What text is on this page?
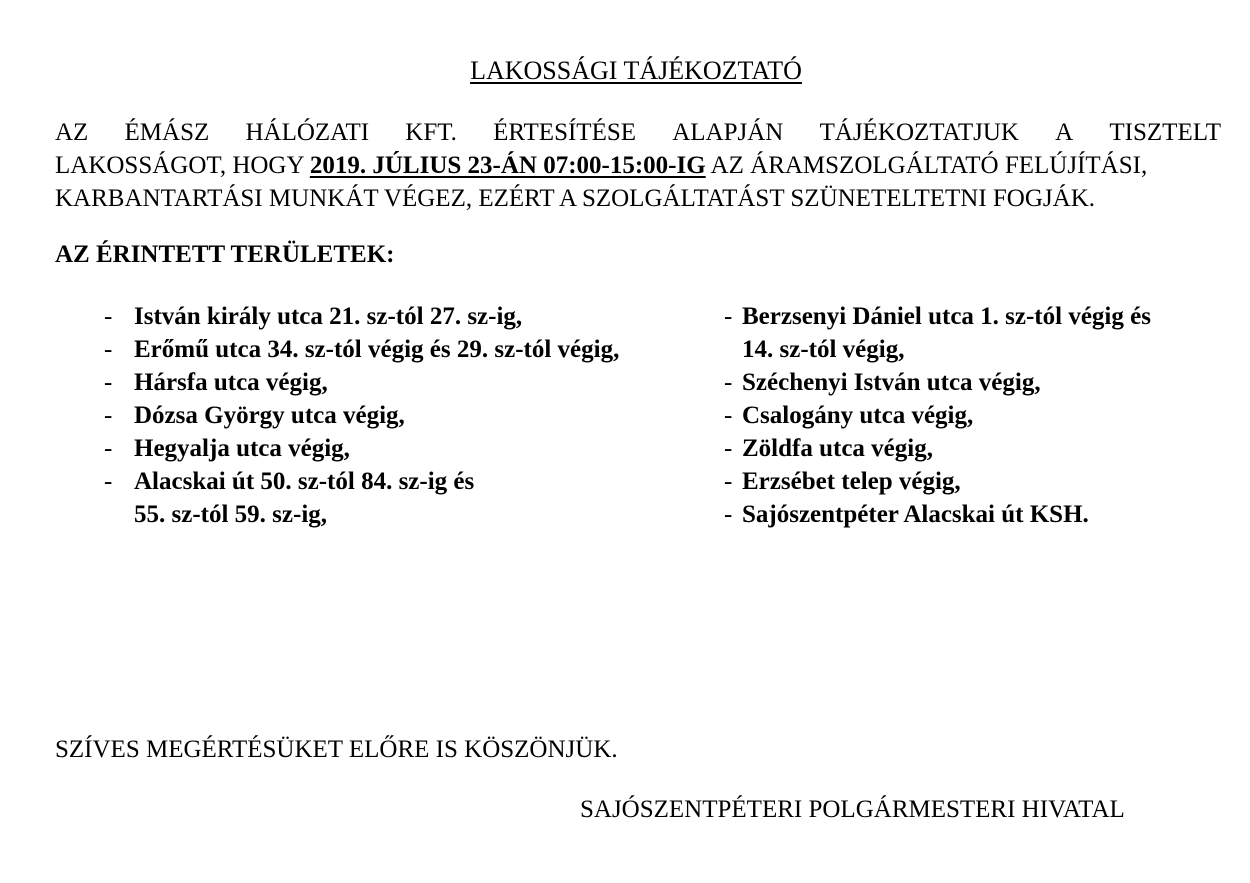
LAKOSSÁGI TÁJÉKOZTATÓ

AZ ÉMÁSZ HÁLÓZATI KFT. ÉRTESÍTÉSE ALAPJÁN TÁJÉKOZTATJUK A TISZTELT
LAKOSSÁGOT, HOGY 2019. JÚLIUS 23-ÁN 07:00-15:00-IG AZ ÁRAMSZOLGÁLTATÓ FELÚJÍTÁSI,
KARBANTARTÁSI MUNKÁT VÉGEZ, EZÉRT A SZOLGÁLTATÁST SZÜNETELTETNI FOGJÁK.

AZ ÉRINTETT TERÜLETEK:
- István király utca 21. sz-tól 27. sz-ig,
- Erőmű utca 34. sz-tól végig és 29. sz-tól végig,
- Hársfa utca végig,
- Dózsa György utca végig,
- Hegyalja utca végig,
- Alacskai út 50. sz-tól 84. sz-ig és
55. sz-tól 59. sz-ig,
- Berzsenyi Dániel utca 1. sz-tól végig és
14. sz-tól végig,
- Széchenyi István utca végig,
- Csalogány utca végig,
- Zöldfa utca végig,
- Erzsébet telep végig,
- Sajószentpéter Alacskai út KSH.

SZÍVES MEGÉRTÉSÜKET ELŐRE IS KÖSZÖNJÜK.

SAJÓSZENTPÉTERI POLGÁRMESTERI HIVATAL
